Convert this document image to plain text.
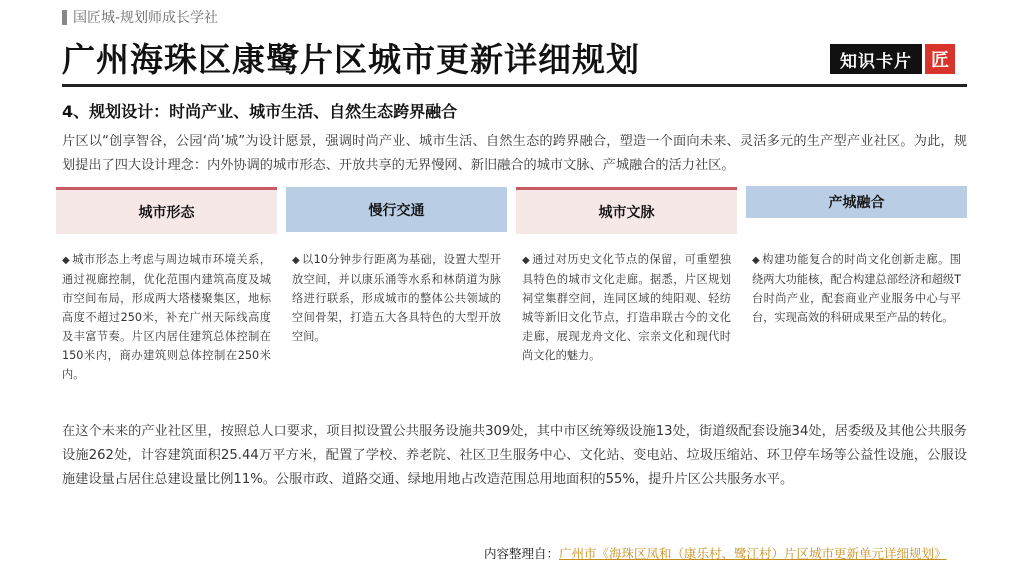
国匠城-规划师成长学社
广州海珠区康鹭片区城市更新详细规划	知识卡片	匠
4、规划设计：时尚产业、城市生活、自然生态跨界融合
片区以“创享智谷，公园‘尚’城”为设计愿景，强调时尚产业、城市生活、自然生态的跨界融合，塑造一个面向未来、灵活多元的生产型产业社区。为此，规划提出了四大设计理念：内外协调的城市形态、开放共享的无界慢网、新旧融合的城市文脉、产城融合的活力社区。
城市形态	慢行交通	城市文脉
产城融合
◆ 城市形态上考虑与周边城市环境关系，通过视廊控制，优化范围内建筑高度及城市空间布局，形成两大塔楼聚集区，地标高度不超过250米，补充广州天际线高度及丰富节奏。片区内居住建筑总体控制在150米内，商办建筑则总体控制在250米内。
◆ 以10分钟步行距离为基础，设置大型开放空间，并以康乐涌等水系和林荫道为脉络进行联系，形成城市的整体公共领域的空间骨架，打造五大各具特色的大型开放空间。
◆ 通过对历史文化节点的保留，可重塑独具特色的城市文化走廊。据悉，片区规划祠堂集群空间，连同区域的纯阳观、轻纺城等新旧文化节点，打造串联古今的文化走廊，展现龙舟文化、宗亲文化和现代时尚文化的魅力。
◆ 构建功能复合的时尚文化创新走廊。围绕两大功能核，配合构建总部经济和超级T台时尚产业，配套商业产业服务中心与平台，实现高效的科研成果至产品的转化。
在这个未来的产业社区里，按照总人口要求，项目拟设置公共服务设施共309处，其中市区统筹级设施13处，街道级配套设施34处，居委级及其他公共服务设施262处，计容建筑面积25.44万平方米，配置了学校、养老院、社区卫生服务中心、文化站、变电站、垃圾压缩站、环卫停车场等公益性设施，公服设施建设量占居住总建设量比例11%。公服市政、道路交通、绿地用地占改造范围总用地面积的55%，提升片区公共服务水平。
内容整理自：广州市《海珠区凤和（康乐村、鹭江村）片区城市更新单元详细规划》
